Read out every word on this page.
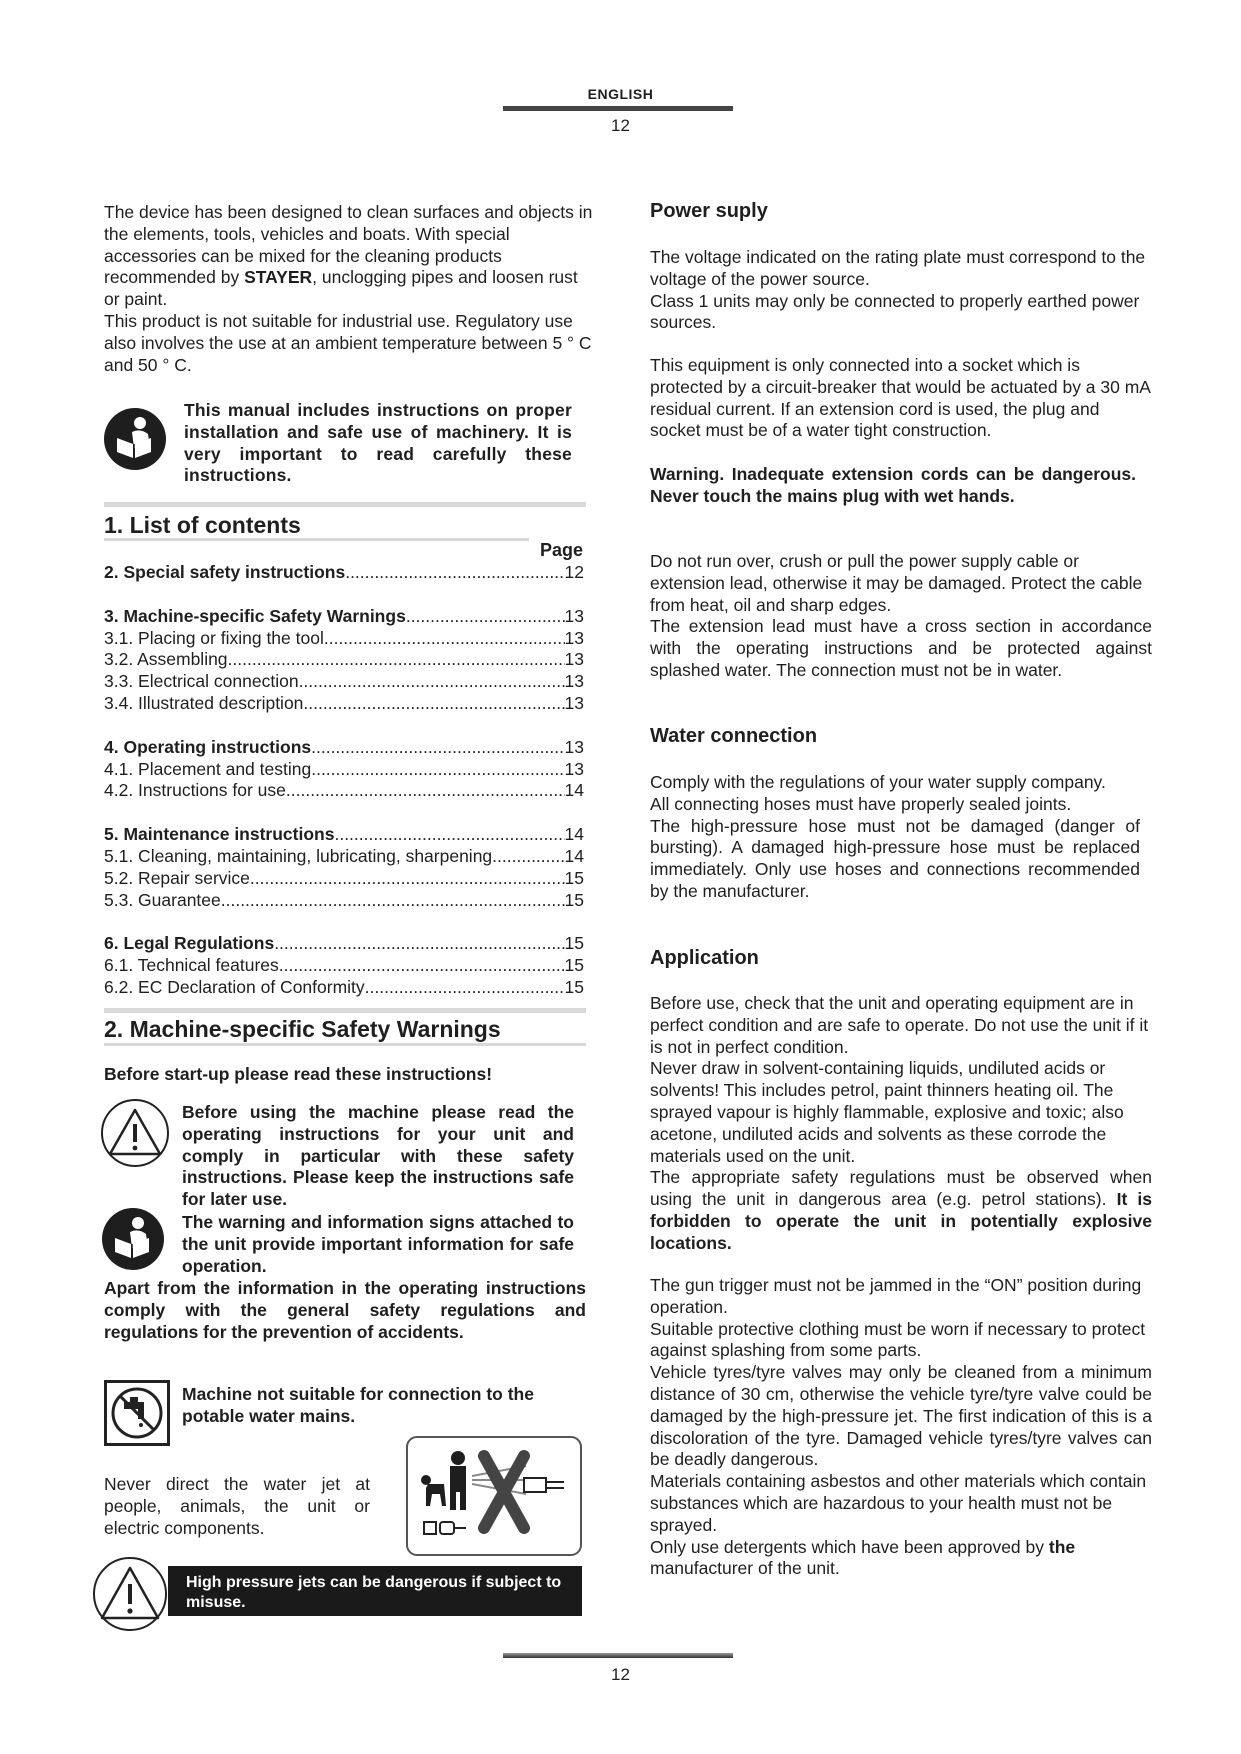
ENGLISH
12
The device has been designed to clean surfaces and objects in the elements, tools, vehicles and boats. With special accessories can be mixed for the cleaning products recommended by STAYER, unclogging pipes and loosen rust or paint.
This product is not suitable for industrial use. Regulatory use also involves the use at an ambient temperature between 5 ° C and 50 ° C.
This manual includes instructions on proper installation and safe use of machinery. It is very important to read carefully these instructions.
1. List of contents
Page
2. Special safety instructions .....	12
3. Machine-specific Safety Warnings .....	13
3.1. Placing or fixing the tool .....	13
3.2. Assembling .....	13
3.3. Electrical connection .....	13
3.4. Illustrated description .....	13
4. Operating instructions .....	13
4.1. Placement and testing .....	13
4.2. Instructions for use .....	14
5. Maintenance instructions .....	14
5.1. Cleaning, maintaining, lubricating, sharpening .....	14
5.2. Repair service .....	15
5.3. Guarantee .....	15
6. Legal Regulations .....	15
6.1. Technical features .....	15
6.2. EC Declaration of Conformity .....	15
2. Machine-specific Safety Warnings
Before start-up please read these instructions!
Before using the machine please read the operating instructions for your unit and comply in particular with these safety instructions. Please keep the instructions safe for later use.
The warning and information signs attached to the unit provide important information for safe operation.
Apart from the information in the operating instructions comply with the general safety regulations and regulations for the prevention of accidents.
Machine not suitable for connection to the potable water mains.
Never direct the water jet at people, animals, the unit or electric components.
High pressure jets can be dangerous if subject to misuse.
Power suply
The voltage indicated on the rating plate must correspond to the voltage of the power source.
Class 1 units may only be connected to properly earthed power sources.
This equipment is only connected into a socket which is protected by a circuit-breaker that would be actuated by a 30 mA residual current. If an extension cord is used, the plug and socket must be of a water tight construction.
Warning. Inadequate extension cords can be dangerous. Never touch the mains plug with wet hands.
Do not run over, crush or pull the power supply cable or extension lead, otherwise it may be damaged. Protect the cable from heat, oil and sharp edges.
The extension lead must have a cross section in accordance with the operating instructions and be protected against splashed water. The connection must not be in water.
Water connection
Comply with the regulations of your water supply company.
All connecting hoses must have properly sealed joints.
The high-pressure hose must not be damaged (danger of bursting). A damaged high-pressure hose must be replaced immediately. Only use hoses and connections recommended by the manufacturer.
Application
Before use, check that the unit and operating equipment are in perfect condition and are safe to operate. Do not use the unit if it is not in perfect condition.
Never draw in solvent-containing liquids, undiluted acids or solvents! This includes petrol, paint thinners heating oil. The sprayed vapour is highly flammable, explosive and toxic; also acetone, undiluted acids and solvents as these corrode the materials used on the unit.
The appropriate safety regulations must be observed when using the unit in dangerous area (e.g. petrol stations). It is forbidden to operate the unit in potentially explosive locations.
The gun trigger must not be jammed in the “ON” position during operation.
Suitable protective clothing must be worn if necessary to protect against splashing from some parts.
Vehicle tyres/tyre valves may only be cleaned from a minimum distance of 30 cm, otherwise the vehicle tyre/tyre valve could be damaged by the high-pressure jet. The first indication of this is a discoloration of the tyre. Damaged vehicle tyres/tyre valves can be deadly dangerous.
Materials containing asbestos and other materials which contain substances which are hazardous to your health must not be sprayed.
Only use detergents which have been approved by the manufacturer of the unit.
12
